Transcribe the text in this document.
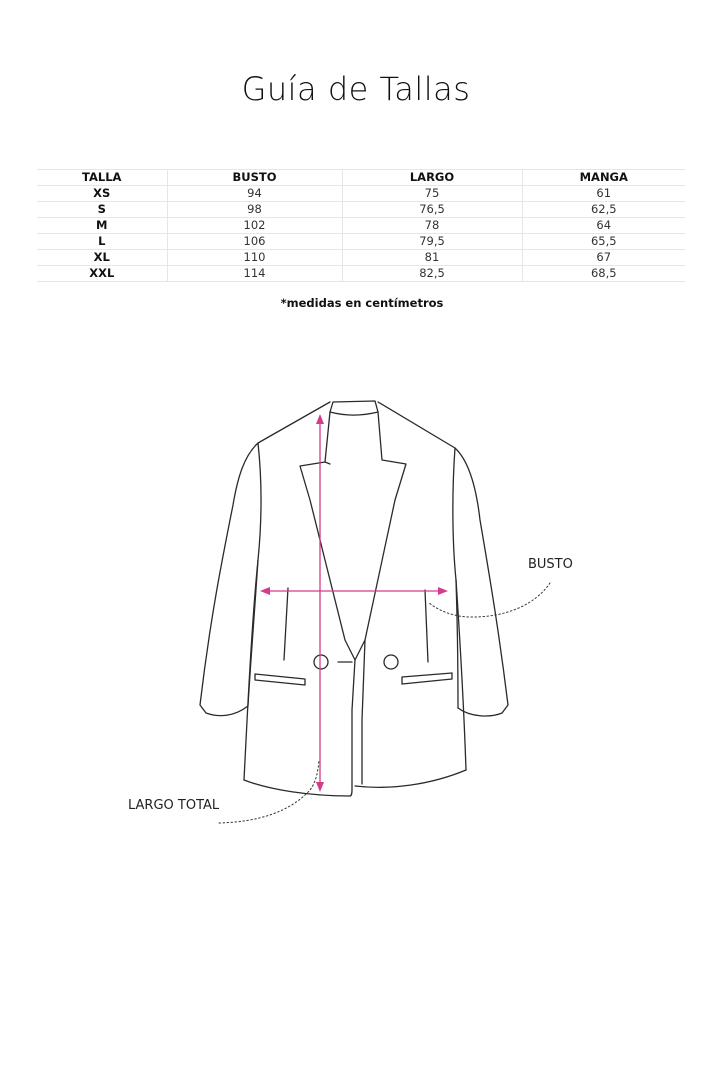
Guía de Tallas
TALLA	BUSTO	LARGO	MANGA
XS	94	75	61
S	98	76,5	62,5
M	102	78	64
L	106	79,5	65,5
XL	110	81	67
XXL	114	82,5	68,5
*medidas en centímetros
BUSTO
LARGO TOTAL
